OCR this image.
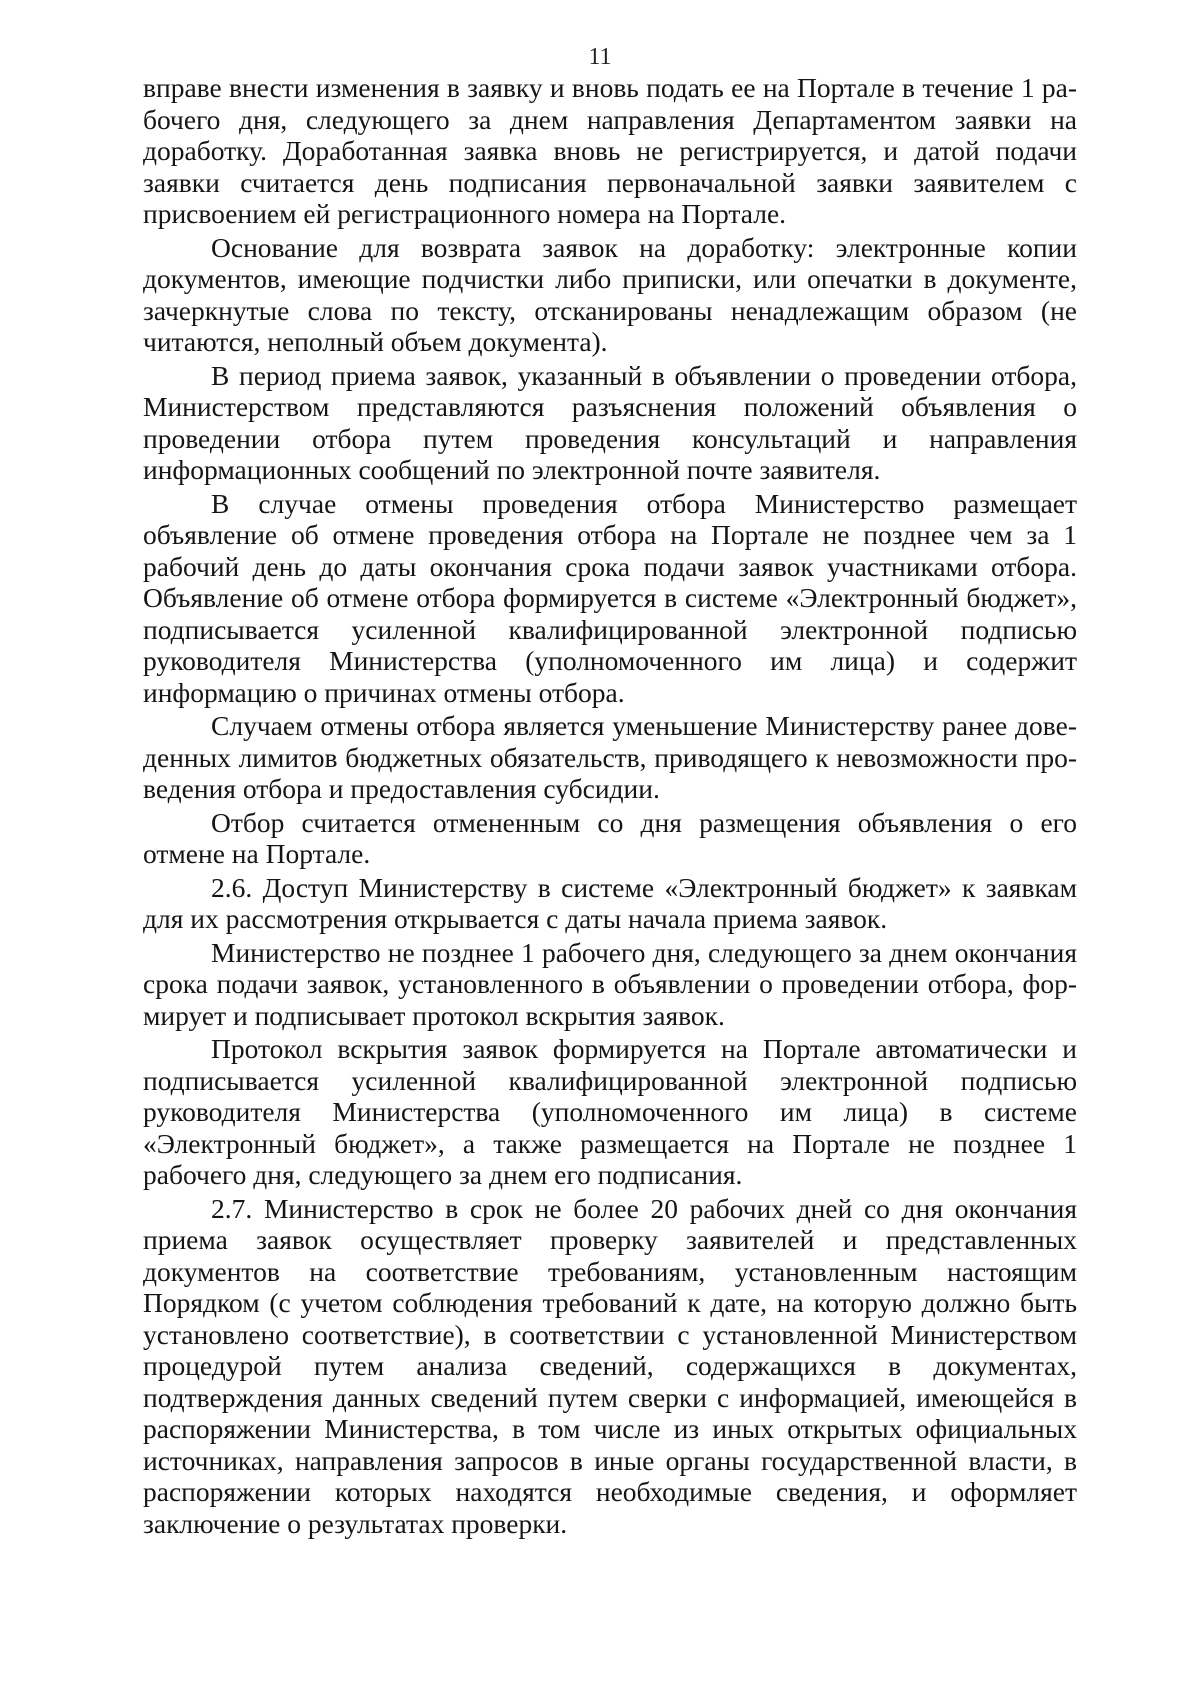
11

вправе внести изменения в заявку и вновь подать ее на Портале в течение 1 рабочего дня, следующего за днем направления Департаментом заявки на доработку. Доработанная заявка вновь не регистрируется, и датой подачи заявки считается день подписания первоначальной заявки заявителем с присвоением ей регистрационного номера на Портале.

Основание для возврата заявок на доработку: электронные копии документов, имеющие подчистки либо приписки, или опечатки в документе, зачеркнутые слова по тексту, отсканированы ненадлежащим образом (не читаются, неполный объем документа).

В период приема заявок, указанный в объявлении о проведении отбора, Министерством представляются разъяснения положений объявления о проведении отбора путем проведения консультаций и направления информационных сообщений по электронной почте заявителя.

В случае отмены проведения отбора Министерство размещает объявление об отмене проведения отбора на Портале не позднее чем за 1 рабочий день до даты окончания срока подачи заявок участниками отбора. Объявление об отмене отбора формируется в системе «Электронный бюджет», подписывается усиленной квалифицированной электронной подписью руководителя Министерства (уполномоченного им лица) и содержит информацию о причинах отмены отбора.

Случаем отмены отбора является уменьшение Министерству ранее доведенных лимитов бюджетных обязательств, приводящего к невозможности проведения отбора и предоставления субсидии.

Отбор считается отмененным со дня размещения объявления о его отмене на Портале.

2.6. Доступ Министерству в системе «Электронный бюджет» к заявкам для их рассмотрения открывается с даты начала приема заявок.

Министерство не позднее 1 рабочего дня, следующего за днем окончания срока подачи заявок, установленного в объявлении о проведении отбора, формирует и подписывает протокол вскрытия заявок.

Протокол вскрытия заявок формируется на Портале автоматически и подписывается усиленной квалифицированной электронной подписью руководителя Министерства (уполномоченного им лица) в системе «Электронный бюджет», а также размещается на Портале не позднее 1 рабочего дня, следующего за днем его подписания.

2.7. Министерство в срок не более 20 рабочих дней со дня окончания приема заявок осуществляет проверку заявителей и представленных документов на соответствие требованиям, установленным настоящим Порядком (с учетом соблюдения требований к дате, на которую должно быть установлено соответствие), в соответствии с установленной Министерством процедурой путем анализа сведений, содержащихся в документах, подтверждения данных сведений путем сверки с информацией, имеющейся в распоряжении Министерства, в том числе из иных открытых официальных источниках, направления запросов в иные органы государственной власти, в распоряжении которых находятся необходимые сведения, и оформляет заключение о результатах проверки.
